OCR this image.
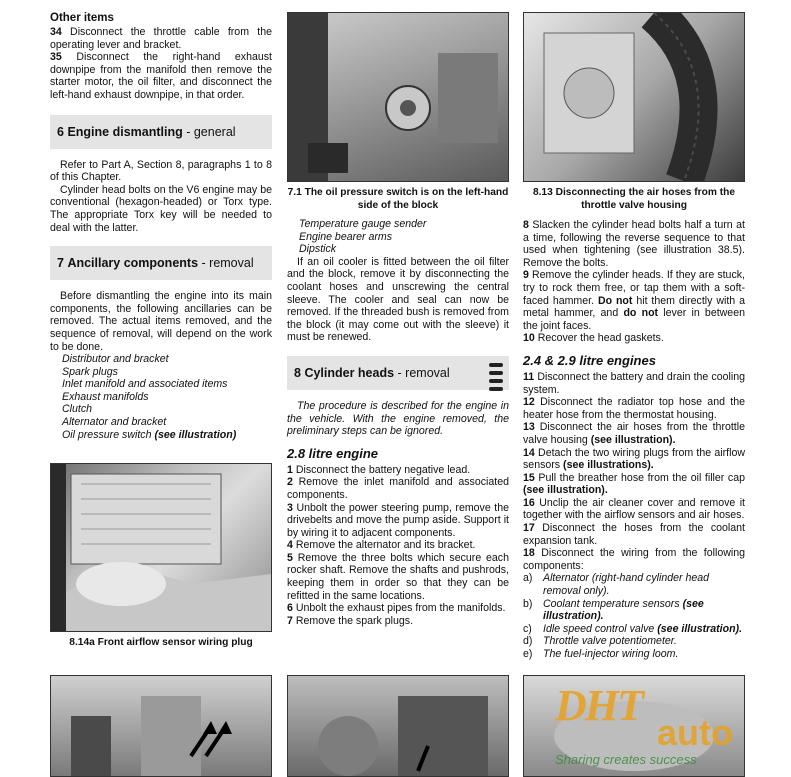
Other items

34 Disconnect the throttle cable from the operating lever and bracket.

35 Disconnect the right-hand exhaust downpipe from the manifold then remove the starter motor, the oil filter, and disconnect the left-hand exhaust downpipe, in that order.

6 Engine dismantling - general

Refer to Part A, Section 8, paragraphs 1 to 8 of this Chapter.

Cylinder head bolts on the V6 engine may be conventional (hexagon-headed) or Torx type. The appropriate Torx key will be needed to deal with the latter.

7 Ancillary components - removal

Before dismantling the engine into its main components, the following ancillaries can be removed. The actual items removed, and the sequence of removal, will depend on the work to be done.

Distributor and bracket
Spark plugs
Inlet manifold and associated items
Exhaust manifolds
Clutch
Alternator and bracket
Oil pressure switch (see illustration)
8.14a Front airflow sensor wiring plug
7.1 The oil pressure switch is on the left-hand side of the block
Temperature gauge sender
Engine bearer arms
Dipstick

If an oil cooler is fitted between the oil filter and the block, remove it by disconnecting the coolant hoses and unscrewing the central sleeve. The cooler and seal can now be removed. If the threaded bush is removed from the block (it may come out with the sleeve) it must be renewed.

8 Cylinder heads - removal

The procedure is described for the engine in the vehicle. With the engine removed, the preliminary steps can be ignored.

2.8 litre engine

1 Disconnect the battery negative lead.

2 Remove the inlet manifold and associated components.

3 Unbolt the power steering pump, remove the drivebelts and move the pump aside. Support it by wiring it to adjacent components.

4 Remove the alternator and its bracket.

5 Remove the three bolts which secure each rocker shaft. Remove the shafts and pushrods, keeping them in order so that they can be refitted in the same locations.

6 Unbolt the exhaust pipes from the manifolds.

7 Remove the spark plugs.

8.13 Disconnecting the air hoses from the throttle valve housing

8 Slacken the cylinder head bolts half a turn at a time, following the reverse sequence to that used when tightening (see illustration 38.5). Remove the bolts.

9 Remove the cylinder heads. If they are stuck, try to rock them free, or tap them with a soft-faced hammer. Do not hit them directly with a metal hammer, and do not lever in between the joint faces.

10 Recover the head gaskets.

2.4 & 2.9 litre engines

11 Disconnect the battery and drain the cooling system.

12 Disconnect the radiator top hose and the heater hose from the thermostat housing.

13 Disconnect the air hoses from the throttle valve housing (see illustration).

14 Detach the two wiring plugs from the airflow sensors (see illustrations).

15 Pull the breather hose from the oil filler cap (see illustration).

16 Unclip the air cleaner cover and remove it together with the airflow sensors and air hoses.

17 Disconnect the hoses from the coolant expansion tank.

18 Disconnect the wiring from the following components:

a) Alternator (right-hand cylinder head removal only).
b) Coolant temperature sensors (see illustration).
c) Idle speed control valve (see illustration).
d) Throttle valve potentiometer.
e) The fuel-injector wiring loom.
DHT
auto
Sharing creates success
